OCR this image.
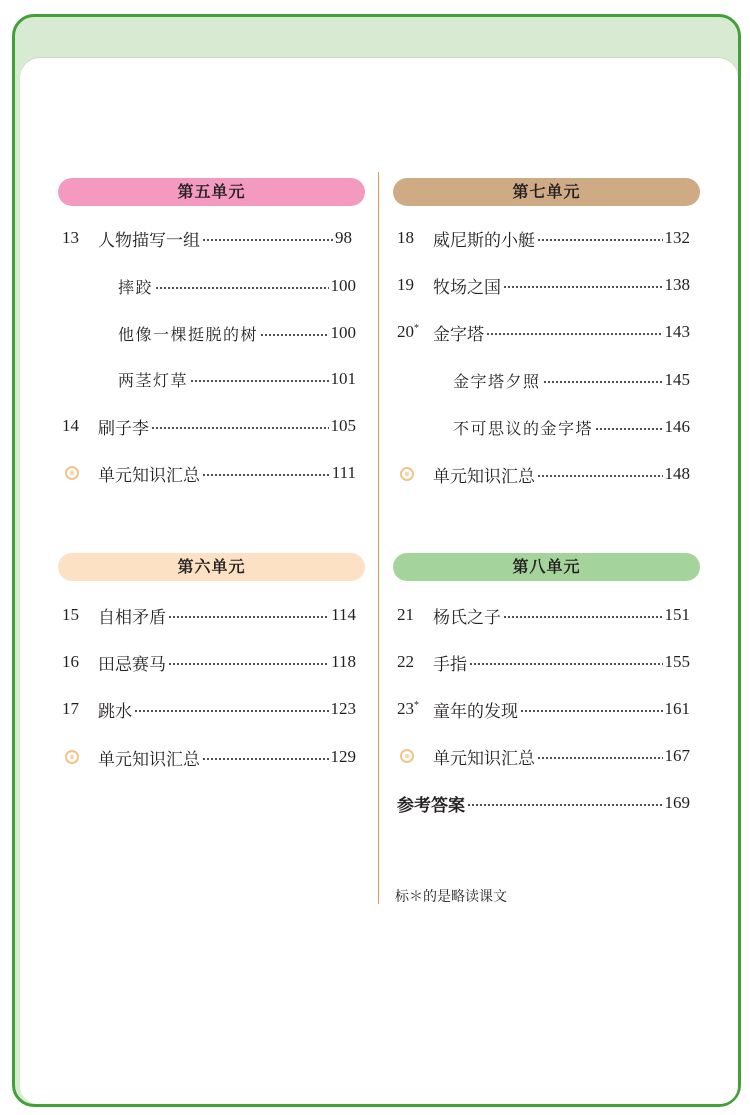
第五单元
13	人物描写一组	98
摔跤	100
他像一棵挺脱的树	100
两茎灯草	101
14	刷子李	105
单元知识汇总	111
第六单元
15	自相矛盾	114
16	田忌赛马	118
17	跳水	123
单元知识汇总	129
第七单元
18	威尼斯的小艇	132
19	牧场之国	138
20* 金字塔	143
金字塔夕照	145
不可思议的金字塔	146
单元知识汇总	148
第八单元
21	杨氏之子	151
22	手指	155
23* 童年的发现	161
单元知识汇总	167
参考答案	169
标＊的是略读课文
